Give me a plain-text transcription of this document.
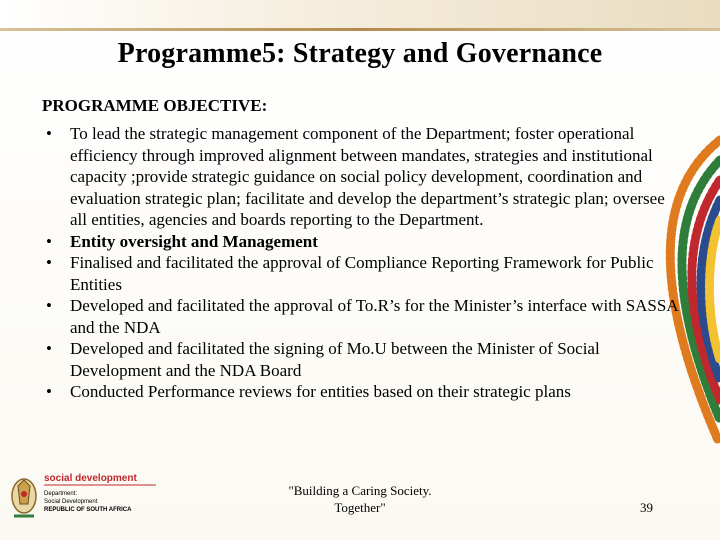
Programme5: Strategy and Governance
PROGRAMME OBJECTIVE:
• To lead the strategic management component of the Department; foster operational efficiency through improved alignment between mandates, strategies and institutional capacity ;provide strategic guidance on social policy development, coordination and evaluation strategic plan; facilitate and develop the department’s strategic plan; oversee all entities, agencies and boards reporting to the Department.
• Entity oversight and Management
• Finalised and facilitated the approval of Compliance Reporting Framework for Public Entities
• Developed and facilitated the approval of To.R’s for the Minister’s interface with SASSA and the NDA
• Developed and facilitated the signing of Mo.U between the Minister of Social Development and the NDA Board
• Conducted Performance reviews for entities based on their strategic plans
social development
Department:
Social Development
REPUBLIC OF SOUTH AFRICA
"Building a Caring Society.
Together"	39
